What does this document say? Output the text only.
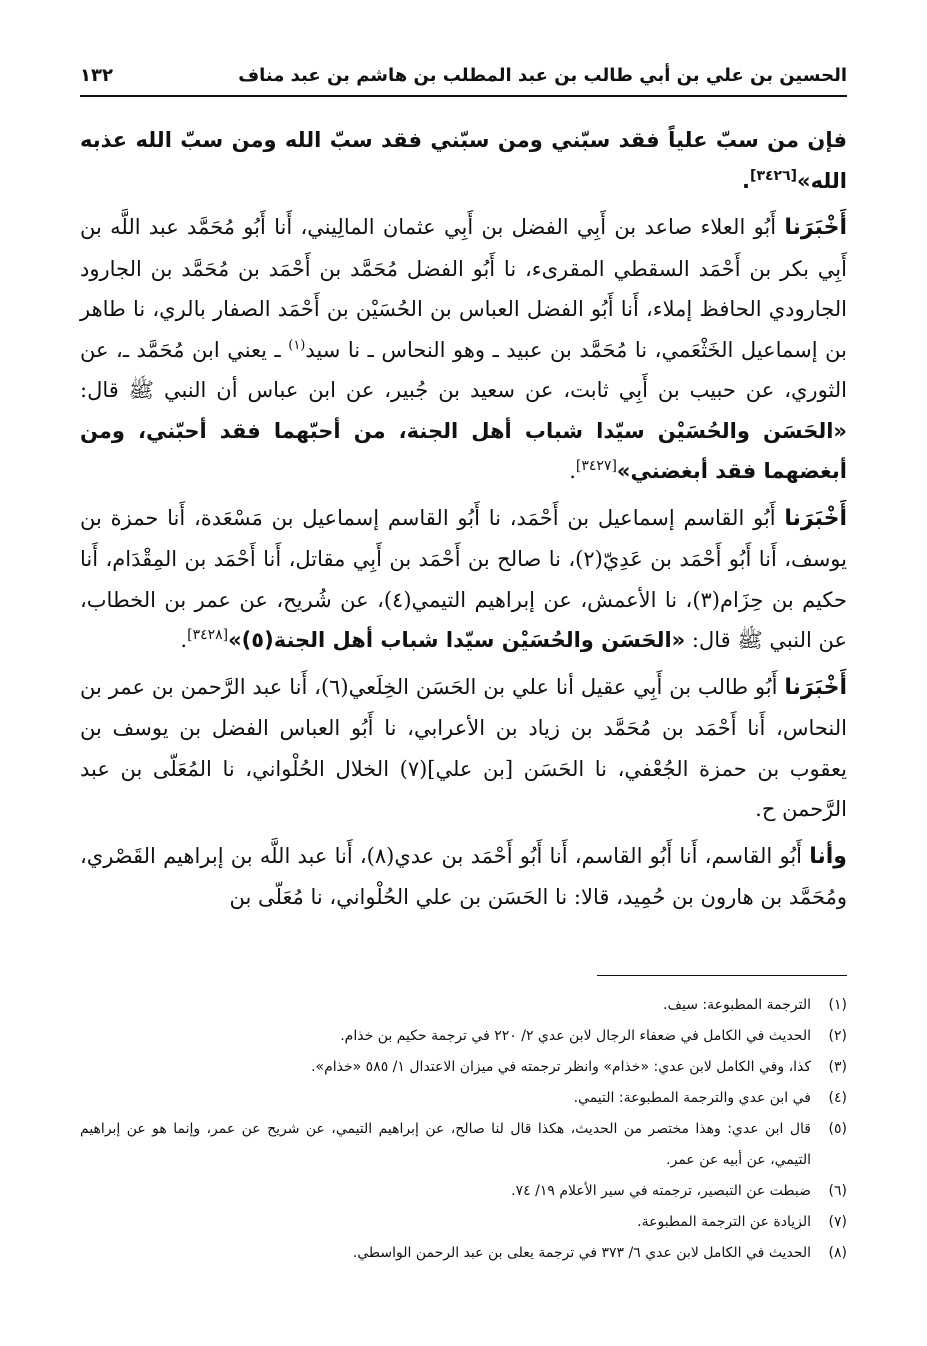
الحسين بن علي بن أبي طالب بن عبد المطلب بن هاشم بن عبد مناف
١٣٢

فإن من سبّ علياً فقد سبّني ومن سبّني فقد سبّ الله ومن سبّ الله عذبه الله»[٣٤٢٦].

أَخْبَرَنا أَبُو العلاء صاعد بن أَبِي الفضل بن أَبِي عثمان المالِيني، أَنا أَبُو مُحَمَّد عبد اللَّه بن أَبِي بكر بن أَحْمَد السقطي المقرىء، نا أَبُو الفضل مُحَمَّد بن أَحْمَد بن مُحَمَّد بن الجارود الجارودي الحافظ إملاء، أَنا أَبُو الفضل العباس بن الحُسَيْن بن أَحْمَد الصفار بالري، نا طاهر بن إسماعيل الخَثْعَمي، نا مُحَمَّد بن عبيد ـ وهو النحاس ـ نا سيد$^{(١)}$ ـ يعني ابن مُحَمَّد ـ، عن الثوري، عن حبيب بن أَبِي ثابت، عن سعيد بن جُبير، عن ابن عباس أن النبي ﷺ قال: «الحَسَن والحُسَيْن سيّدا شباب أهل الجنة، من أحبّهما فقد أحبّني، ومن أبغضهما فقد أبغضني»[٣٤٢٧].

أَخْبَرَنا أَبُو القاسم إسماعيل بن أَحْمَد، نا أَبُو القاسم إسماعيل بن مَسْعَدة، أَنا حمزة بن يوسف، أَنا أَبُو أَحْمَد بن عَدِيّ(٢)، نا صالح بن أَحْمَد بن أَبِي مقاتل، أَنا أَحْمَد بن المِقْدَام، أَنا حكيم بن حِزَام(٣)، نا الأعمش، عن إبراهيم التيمي(٤)، عن شُريح، عن عمر بن الخطاب، عن النبي ﷺ قال: «الحَسَن والحُسَيْن سيّدا شباب أهل الجنة(٥)»[٣٤٢٨].

أَخْبَرَنا أَبُو طالب بن أَبِي عقيل أنا علي بن الحَسَن الخِلَعي(٦)، أَنا عبد الرَّحمن بن عمر بن النحاس، أَنا أَحْمَد بن مُحَمَّد بن زياد بن الأعرابي، نا أَبُو العباس الفضل بن يوسف بن يعقوب بن حمزة الجُعْفي، نا الحَسَن [بن علي](٧) الخلال الحُلْواني، نا المُعَلّى بن عبد الرَّحمن ح.

وأنا أَبُو القاسم، أَنا أَبُو القاسم، أَنا أَبُو أَحْمَد بن عدي(٨)، أَنا عبد اللَّه بن إبراهيم القَصْري، ومُحَمَّد بن هارون بن حُمِيد، قالا: نا الحَسَن بن علي الحُلْواني، نا مُعَلّى بن

(١)
الترجمة المطبوعة: سيف.
(٢)
الحديث في الكامل في ضعفاء الرجال لابن عدي ٢/ ٢٢٠ في ترجمة حكيم بن خذام.
(٣)
كذا، وفي الكامل لابن عدي: «خذام» وانظر ترجمته في ميزان الاعتدال ١/ ٥٨٥ «خذام».
(٤)
في ابن عدي والترجمة المطبوعة: التيمي.
(٥)
قال ابن عدي: وهذا مختصر من الحديث، هكذا قال لنا صالح، عن إبراهيم التيمي، عن شريح عن عمر، وإنما هو عن إبراهيم التيمي، عن أبيه عن عمر.
(٦)
ضبطت عن التبصير، ترجمته في سير الأعلام ١٩/ ٧٤.
(٧)
الزيادة عن الترجمة المطبوعة.
(٨)
الحديث في الكامل لابن عدي ٦/ ٣٧٣ في ترجمة يعلى بن عبد الرحمن الواسطي.
